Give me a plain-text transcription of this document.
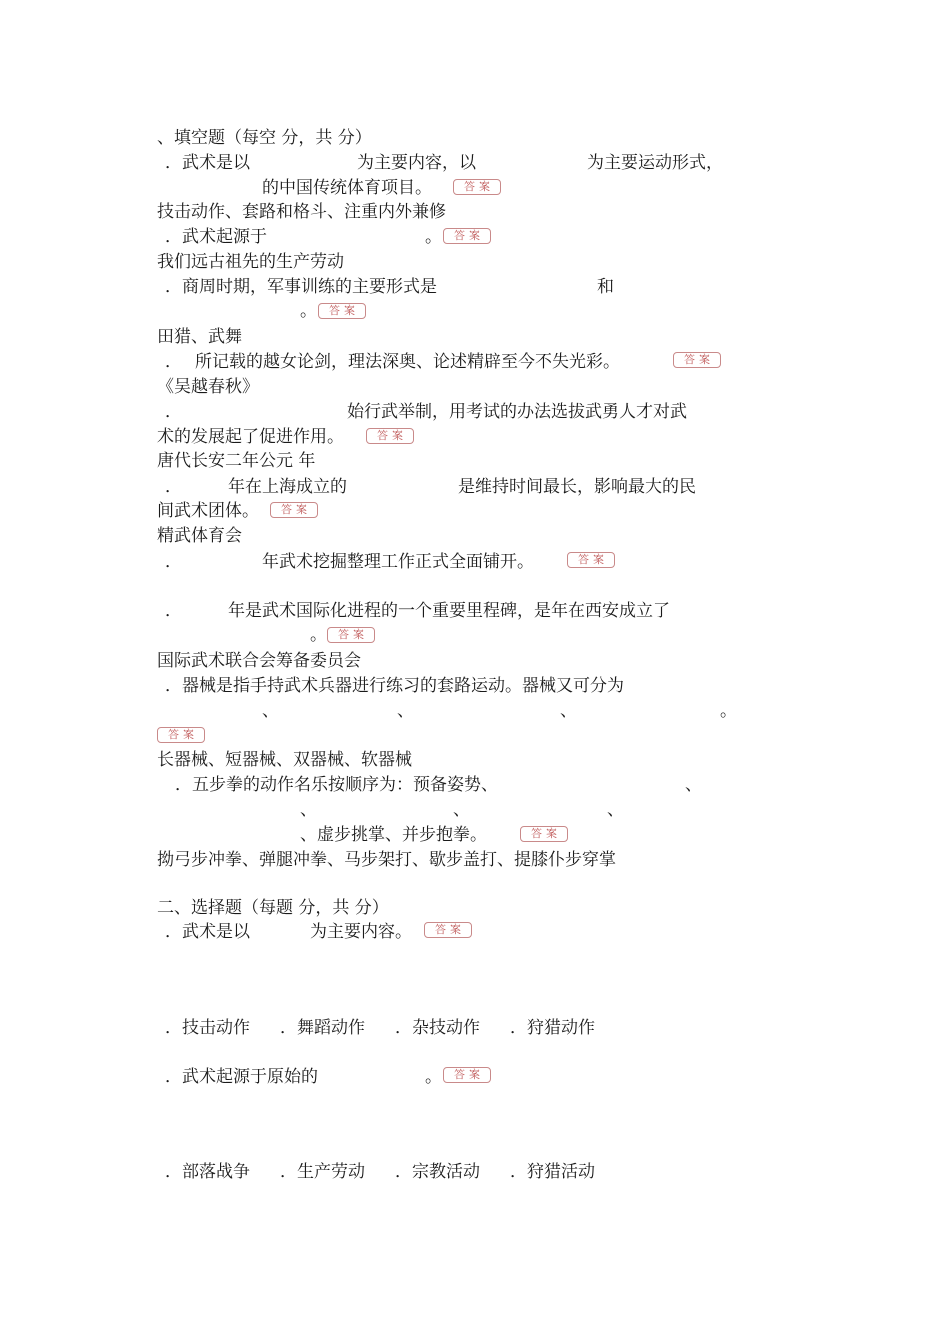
、填空题（每空 分，共 分）
．武术是以	为主要内容，以	为主要运动形式，
的中国传统体育项目。	答案
技击动作、套路和格斗、注重内外兼修
．武术起源于	。	答案
我们远古祖先的生产劳动
．商周时期，军事训练的主要形式是	和
。	答案
田猎、武舞
． 所记载的越女论剑，理法深奥、论述精辟至今不失光彩。	答案
《吴越春秋》
．	始行武举制，用考试的办法选拔武勇人才对武
术的发展起了促进作用。	答案
唐代长安二年公元 年
．	年在上海成立的	是维持时间最长，影响最大的民
间武术团体。	答案
精武体育会
．	年武术挖掘整理工作正式全面铺开。	答案
．	年是武术国际化进程的一个重要里程碑，是年在西安成立了
。	答案
国际武术联合会筹备委员会
．器械是指手持武术兵器进行练习的套路运动。器械又可分为
、	、	、	。
答案
长器械、短器械、双器械、软器械
．五步拳的动作名乐按顺序为：预备姿势、	、
、	、	、
、虚步挑掌、并步抱拳。	答案
拗弓步冲拳、弹腿冲拳、马步架打、歇步盖打、提膝仆步穿掌
二、选择题（每题 分，共 分）
．武术是以	为主要内容。	答案
．技击动作 ．舞蹈动作 ．杂技动作 ．狩猎动作
．武术起源于原始的	。	答案
．部落战争 ．生产劳动 ．宗教活动 ．狩猎活动
